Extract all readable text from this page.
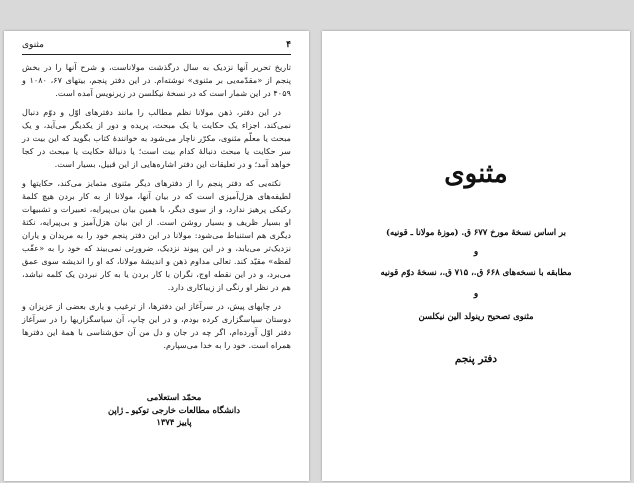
۴
مثنوی

تاریخ تحریر آنها نزدیک به سال درگذشت مولاناست، و شرح آنها را در بخش پنجم از «مقدّمه‌یی بر مثنوی» نوشته‌ام. در این دفتر پنجم، بیتهای ۶۷، ۱۰۸۰ و ۴۰۵۹ در این شمار است که در نسخهٔ نیکلسن در زیرنویس آمده است.

در این دفتر، ذهن مولانا نظم مطالب را مانند دفترهای اوّل و دوّم دنبال نمی‌کند، اجزاء یک حکایت یا یک مبحث، پریده و دور از یکدیگر می‌آید، و یک مبحث یا معلّم مثنوی، مکرّر ناچار می‌شود به خوانندهٔ کتاب بگوید که این بیت در سر حکایت یا مبحث دنبالهٔ کدام بیت است؛ یا دنبالهٔ حکایت یا مبحث در کجا خواهد آمد؛ و در تعلیقات این دفتر اشاره‌هایی از این قبیل، بسیار است.

نکته‌یی که دفتر پنجم را از دفترهای دیگر مثنوی متمایز می‌کند، حکایتها و لطیفه‌های هزل‌آمیزی است که در بیان آنها، مولانا از به کار بردن هیچ کلمهٔ رکیکی پرهیز ندارد، و از سوی دیگر، با همین بیان بی‌پیرایه، تعبیرات و تشبیهات او بسیار ظریف و بسیار روشن است. از این بیان هزل‌آمیز و بی‌پیرایه، نکتهٔ دیگری هم استنباط می‌شود: مولانا در این دفتر پنجم خود را به مریدان و یاران نزدیک‌تر می‌یابد، و در این پیوند نزدیک، ضرورتی نمی‌بیند که خود را به «عقّب لفظه» مقیّد کند. تعالی مداوم ذهن و اندیشهٔ مولانا، که او را اندیشه سوی عمق می‌برد، و در این نقطه اوج، نگران با کار بردن یا به کار نبردن یک کلمه نباشد، هم در نظر او رنگی از زیباکاری دارد.

در چاپهای پیش، در سرآغاز این دفترها، از ترغیب و یاری بعضی از عزیزان و دوستان سپاسگزاری کرده بودم، و در این چاپ، آن سپاسگزاریها را در سرآغاز دفتر اوّل آورده‌ام، اگر چه در جان و دل من آن حق‌شناسی با همهٔ این دفترها همراه است. خود را به خدا می‌سپارم.

محمّد استعلامی
دانشگاه مطالعات خارجی توکیو ـ ژاپن
پاییز ۱۳۷۴
مثنوی
بر اساس نسخهٔ مورخ ۶۷۷ ق. (موزهٔ مولانا ـ قونیه)
و
مطابقه با نسخه‌های ۶۶۸ ق.، ۷۱۵ ق.، نسخهٔ دوّم قونیه
و
مثنوی تصحیح رینولد الین نیکلسن
دفتر پنجم
